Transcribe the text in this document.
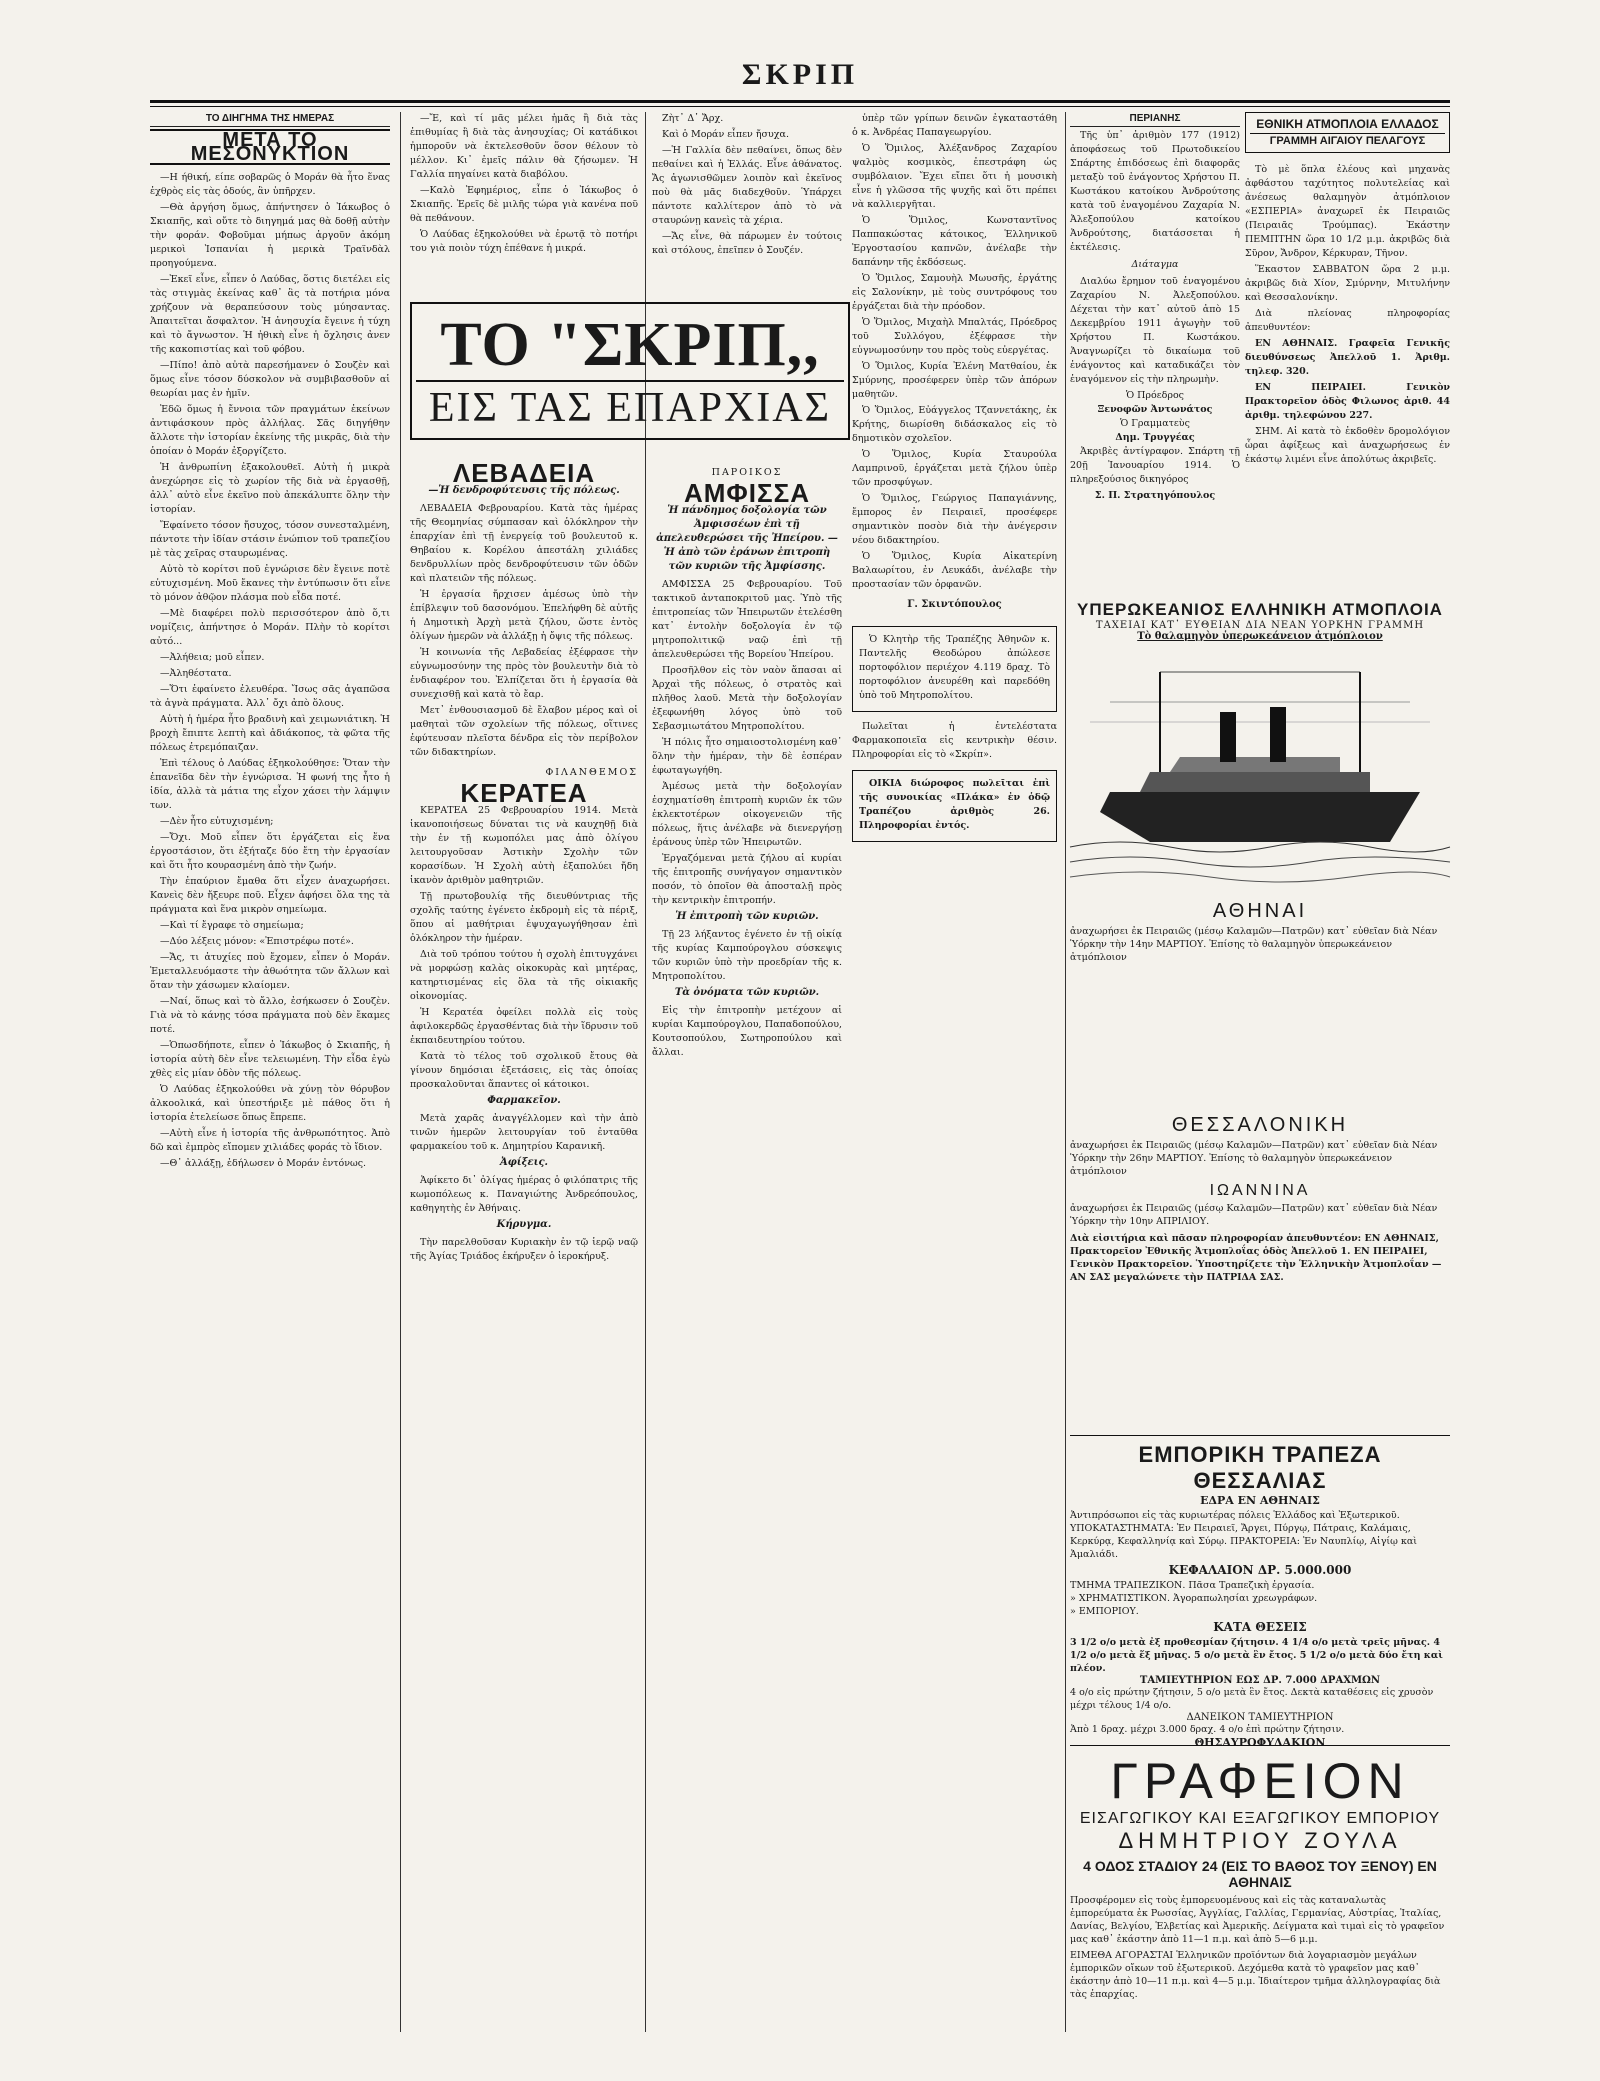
ΣΚΡΙΠ
ΤΟ ΔΙΗΓΗΜΑ ΤΗΣ ΗΜΕΡΑΣ
ΜΕΤΑ ΤΟ ΜΕΣΟΝΥΚΤΙΟΝ

—Η ήθική, είπε σοβαρῶς ὁ Μοράν θὰ ἦτο ἕνας ἐχθρὸς εἰς τὰς ὁδούς, ἂν ὑπῆρχεν.

—Θὰ ἀργήση ὅμως, ἀπήντησεν ὁ Ἰάκωβος ὁ Σκιαπῆς, καὶ οὔτε τὸ διηγημά μας θὰ δοθῇ αὐτὴν τὴν φοράν. Φοβοῦμαι μήπως ἀργοῦν ἀκόμη μερικοὶ Ἰσπανίαι ἡ μερικὰ Τραϊνδὰλ προηγούμενα.

—Ἐκεῖ εἶνε, εἶπεν ὁ Λαύδας, ὅστις διετέλει εἰς τὰς στιγμὰς ἐκείνας καθ᾽ ἃς τὰ ποτήρια μόνα χρήζουν νὰ θεραπεύσουν τοὺς μύησαντας. Ἀπαιτεῖται ἄσφαλτον. Ἡ ἀνησυχία ἔγεινε ἡ τύχη καὶ τὸ ἄγνωστον. Ἡ ἠθικὴ εἶνε ἡ ὄχλησις ἀνεν τῆς κακοπιστίας καὶ τοῦ φόβου.

—Πίπο! ἀπὸ αὐτὰ παρεσήμανεν ὁ Σουζὲν καὶ ὅμως εἶνε τόσον δύσκολον νὰ συμβιβασθοῦν αἱ θεωρίαι μας ἐν ἡμῖν.

Ἐδῶ ὅμως ἡ ἔννοια τῶν πραγμάτων ἐκείνων ἀντιφάσκουν πρὸς ἀλλήλας. Σᾶς διηγήθην ἄλλοτε τὴν ἱστορίαν ἐκείνης τῆς μικρᾶς, διὰ τὴν ὁποίαν ὁ Μοράν ἐξοργίζετο.

Ἡ ἀνθρωπίνη ἐξακολουθεῖ. Αὐτὴ ἡ μικρὰ ἀνεχώρησε εἰς τὸ χωρίον τῆς διὰ νὰ ἐργασθῇ, ἀλλ᾽ αὐτὸ εἶνε ἐκεῖνο ποὺ ἀπεκάλυπτε ὅλην τὴν ἱστορίαν.

Ἔφαίνετο τόσον ἤσυχος, τόσον συνεσταλμένη, πάντοτε τὴν ἰδίαν στάσιν ἐνώπιον τοῦ τραπεζίου μὲ τὰς χεῖρας σταυρωμένας.

Αὐτὸ τὸ κορίτσι ποῦ ἐγνώρισε δὲν ἔγεινε ποτὲ εὐτυχισμένη. Μοῦ ἔκανες τὴν ἐντύπωσιν ὅτι εἶνε τὸ μόνον ἀθῷον πλάσμα ποὺ εἶδα ποτέ.

—Μὲ διαφέρει πολὺ περισσότερον ἀπὸ ὅ,τι νομίζεις, ἀπήντησε ὁ Μοράν. Πλὴν τὸ κορίτσι αὐτό...

—Ἀλήθεια; μοῦ εἶπεν.

—Ἀληθέστατα.

—Ὅτι ἐφαίνετο ἐλευθέρα. Ἴσως σᾶς ἀγαπῶσα τὰ ἀγνὰ πράγματα. Ἀλλ᾽ ὄχι ἀπὸ ὅλους.

Αὐτὴ ἡ ἡμέρα ἦτο βραδινὴ καὶ χειμωνιάτικη. Ἡ βροχὴ ἔπιπτε λεπτὴ καὶ ἀδιάκοπος, τὰ φῶτα τῆς πόλεως ἐτρεμόπαιζαν.

Ἐπὶ τέλους ὁ Λαύδας ἐξηκολούθησε: Ὅταν τὴν ἐπανεῖδα δὲν τὴν ἐγνώρισα. Ἡ φωνή της ἦτο ἡ ἰδία, ἀλλὰ τὰ μάτια της εἶχον χάσει τὴν λάμψιν των.

—Δὲν ἦτο εὐτυχισμένη;

—Ὄχι. Μοῦ εἶπεν ὅτι ἐργάζεται εἰς ἕνα ἐργοστάσιον, ὅτι ἐξήταζε δύο ἔτη τὴν ἐργασίαν καὶ ὅτι ἦτο κουρασμένη ἀπὸ τὴν ζωήν.

Τὴν ἐπαύριον ἔμαθα ὅτι εἶχεν ἀναχωρήσει. Κανεὶς δὲν ἤξευρε ποῦ. Εἶχεν ἀφήσει ὅλα της τὰ πράγματα καὶ ἕνα μικρὸν σημείωμα.

—Καὶ τί ἔγραφε τὸ σημείωμα;

—Δύο λέξεις μόνον: «Ἐπιστρέφω ποτέ».

—Ἄς, τι ἀτυχίες ποὺ ἔχομεν, εἶπεν ὁ Μοράν. Ἐμεταλλευόμαστε τὴν ἀθωότητα τῶν ἄλλων καὶ ὅταν τὴν χάσωμεν κλαίομεν.

—Ναί, ὅπως καὶ τὸ ἄλλο, ἐσήκωσεν ὁ Σουζὲν. Γιὰ νὰ τὸ κάνῃς τόσα πράγματα ποὺ δὲν ἔκαμες ποτέ.

—Ὁπωσδήποτε, εἶπεν ὁ Ἰάκωβος ὁ Σκιαπῆς, ἡ ἱστορία αὐτὴ δὲν εἶνε τελειωμένη. Τὴν εἶδα ἐγὼ χθὲς εἰς μίαν ὁδὸν τῆς πόλεως.

Ὁ Λαύδας ἐξηκολούθει νὰ χύνῃ τὸν θόρυβον ἀλκοολικά, καὶ ὑπεστήριξε μὲ πάθος ὅτι ἡ ἱστορία ἐτελείωσε ὅπως ἔπρεπε.

—Αὐτὴ εἶνε ἡ ἱστορία τῆς ἀνθρωπότητος. Ἀπὸ δῶ καὶ ἐμπρὸς εἴπομεν χιλιάδες φοράς τὸ ἴδιον.

—Θ᾽ ἀλλάξῃ, ἐδήλωσεν ὁ Μοράν ἐντόνως.

—Ἔ, καὶ τί μᾶς μέλει ἡμᾶς ἢ διὰ τὰς ἐπιθυμίας ἢ διὰ τὰς ἀνησυχίας; Οἱ κατάδικοι ἠμποροῦν νὰ ἐκτελεσθοῦν ὅσον θέλουν τὸ μέλλον. Κι᾽ ἐμεῖς πάλιν θὰ ζήσωμεν. Ἡ Γαλλία πηγαίνει κατὰ διαβόλου.

—Καλὸ Ἐφημέριος, εἶπε ὁ Ἰάκωβος ὁ Σκιαπῆς. Ἐρεῖς δὲ μιλῆς τώρα γιὰ κανένα ποῦ θὰ πεθάνουν.

Ὁ Λαύδας ἐξηκολούθει νὰ ἐρωτᾷ τὸ ποτήρι του γιὰ ποιὸν τύχη ἐπέθανε ἡ μικρά.

Ζὴτ᾽ Δ᾽ Ἄρχ.

Καὶ ὁ Μοράν εἶπεν ἤσυχα.

—Ἡ Γαλλία δὲν πεθαίνει, ὅπως δὲν πεθαίνει καὶ ἡ Ἑλλάς. Εἶνε ἀθάνατος. Ἄς ἀγωνισθῶμεν λοιπὸν καὶ ἐκεῖνος ποὺ θὰ μᾶς διαδεχθοῦν. Ὑπάρχει πάντοτε καλλίτερον ἀπὸ τὸ νὰ σταυρώνῃ κανεὶς τὰ χέρια.

—Ἄς εἶνε, θὰ πάρωμεν ἐν τούτοις καὶ στόλους, ἐπεῖπεν ὁ Σουζέν.

ΤΟ "ΣΚΡΙΠ,,
ΕΙΣ ΤΑΣ ΕΠΑΡΧΙΑΣ
ΛΕΒΑΔΕΙΑ
—Ἡ δενδροφύτευσις τῆς πόλεως.

ΛΕΒΑΔΕΙΑ Φεβρουαρίου. Κατὰ τὰς ἡμέρας τῆς Θεομηνίας σύμπασαν καὶ ὁλόκληρον τὴν ἐπαρχίαν ἐπὶ τῇ ἐνεργείᾳ τοῦ βουλευτοῦ κ. Θηβαίου κ. Κορέλου ἀπεστάλη χιλιάδες δενδρυλλίων πρὸς δενδροφύτευσιν τῶν ὁδῶν καὶ πλατειῶν τῆς πόλεως.

Ἡ ἐργασία ἤρχισεν ἀμέσως ὑπὸ τὴν ἐπίβλεψιν τοῦ δασονόμου. Ἐπελήφθη δὲ αὐτῆς ἡ Δημοτικὴ Ἀρχὴ μετὰ ζήλου, ὥστε ἐντὸς ὀλίγων ἡμερῶν νὰ ἀλλάξῃ ἡ ὄψις τῆς πόλεως.

Ἡ κοινωνία τῆς Λεβαδείας ἐξέφρασε τὴν εὐγνωμοσύνην της πρὸς τὸν βουλευτὴν διὰ τὸ ἐνδιαφέρον του. Ἐλπίζεται ὅτι ἡ ἐργασία θὰ συνεχισθῇ καὶ κατὰ τὸ ἔαρ.

Μετ᾽ ἐνθουσιασμοῦ δὲ ἔλαβον μέρος καὶ οἱ μαθηταὶ τῶν σχολείων τῆς πόλεως, οἵτινες ἐφύτευσαν πλεῖστα δένδρα εἰς τὸν περίβολον τῶν διδακτηρίων.

ΦΙΛΑΝΘΕΜΟΣ
ΚΕΡΑΤΕΑ

ΚΕΡΑΤΕΑ 25 Φεβρουαρίου 1914. Μετὰ ἱκανοποιήσεως δύναται τις νὰ καυχηθῇ διὰ τὴν ἐν τῇ κωμοπόλει μας ἀπὸ ὀλίγου λειτουργοῦσαν Ἀστικὴν Σχολὴν τῶν κορασίδων. Ἡ Σχολὴ αὐτὴ ἐξαπολύει ἤδη ἱκανὸν ἀριθμὸν μαθητριῶν.

Τῇ πρωτοβουλίᾳ τῆς διευθύντριας τῆς σχολῆς ταύτης ἐγένετο ἐκδρομὴ εἰς τὰ πέριξ, ὅπου αἱ μαθήτριαι ἐψυχαγωγήθησαν ἐπὶ ὀλόκληρον τὴν ἡμέραν.

Διὰ τοῦ τρόπου τούτου ἡ σχολὴ ἐπιτυγχάνει νὰ μορφώσῃ καλὰς οἰκοκυρὰς καὶ μητέρας, κατηρτισμένας εἰς ὅλα τὰ τῆς οἰκιακῆς οἰκονομίας.

Ἡ Κερατέα ὀφείλει πολλὰ εἰς τοὺς ἀφιλοκερδῶς ἐργασθέντας διὰ τὴν ἵδρυσιν τοῦ ἐκπαιδευτηρίου τούτου.

Κατὰ τὸ τέλος τοῦ σχολικοῦ ἔτους θὰ γίνουν δημόσιαι ἐξετάσεις, εἰς τὰς ὁποίας προσκαλοῦνται ἅπαντες οἱ κάτοικοι.

Φαρμακεῖον.

Μετὰ χαρᾶς ἀναγγέλλομεν καὶ τὴν ἀπὸ τινῶν ἡμερῶν λειτουργίαν τοῦ ἐνταῦθα φαρμακείου τοῦ κ. Δημητρίου Καρανικῆ.

Ἀφίξεις.

Ἀφίκετο δι᾽ ὀλίγας ἡμέρας ὁ φιλόπατρις τῆς κωμοπόλεως κ. Παναγιώτης Ἀνδρεόπουλος, καθηγητὴς ἐν Ἀθήναις.

Κήρυγμα.

Τὴν παρελθοῦσαν Κυριακὴν ἐν τῷ ἱερῷ ναῷ τῆς Ἁγίας Τριάδος ἐκήρυξεν ὁ ἱεροκήρυξ.

ΠΑΡΟΙΚΟΣ
ΑΜΦΙΣΣΑ
Ἡ πάνδημος δοξολογία τῶν Ἀμφισσέων ἐπὶ τῇ ἀπελευθερώσει τῆς Ἠπείρου. — Ἡ ἀπὸ τῶν ἐράνων ἐπιτροπὴ τῶν κυριῶν τῆς Ἀμφίσσης.

ΑΜΦΙΣΣΑ 25 Φεβρουαρίου. Τοῦ τακτικοῦ ἀνταποκριτοῦ μας. Ὑπὸ τῆς ἐπιτροπείας τῶν Ἠπειρωτῶν ἐτελέσθη κατ᾽ ἐντολὴν δοξολογία ἐν τῷ μητροπολιτικῷ ναῷ ἐπὶ τῇ ἀπελευθερώσει τῆς Βορείου Ἠπείρου.

Προσῆλθον εἰς τὸν ναὸν ἅπασαι αἱ Ἀρχαὶ τῆς πόλεως, ὁ στρατὸς καὶ πλῆθος λαοῦ. Μετὰ τὴν δοξολογίαν ἐξεφωνήθη λόγος ὑπὸ τοῦ Σεβασμιωτάτου Μητροπολίτου.

Ἡ πόλις ἦτο σημαιοστολισμένη καθ᾽ ὅλην τὴν ἡμέραν, τὴν δὲ ἑσπέραν ἐφωταγωγήθη.

Ἀμέσως μετὰ τὴν δοξολογίαν ἐσχηματίσθη ἐπιτροπὴ κυριῶν ἐκ τῶν ἐκλεκτοτέρων οἰκογενειῶν τῆς πόλεως, ἥτις ἀνέλαβε νὰ διενεργήσῃ ἐράνους ὑπὲρ τῶν Ἠπειρωτῶν.

Ἐργαζόμεναι μετὰ ζήλου αἱ κυρίαι τῆς ἐπιτροπῆς συνήγαγον σημαντικὸν ποσόν, τὸ ὁποῖον θὰ ἀποσταλῇ πρὸς τὴν κεντρικὴν ἐπιτροπήν.

Ἡ ἐπιτροπὴ τῶν κυριῶν.

Τῇ 23 λήξαντος ἐγένετο ἐν τῇ οἰκίᾳ τῆς κυρίας Καμπούρογλου σύσκεψις τῶν κυριῶν ὑπὸ τὴν προεδρίαν τῆς κ. Μητροπολίτου.

Τὰ ὀνόματα τῶν κυριῶν.

Εἰς τὴν ἐπιτροπὴν μετέχουν αἱ κυρίαι Καμπούρογλου, Παπαδοπούλου, Κουτσοπούλου, Σωτηροπούλου καὶ ἄλλαι.

ὑπὲρ τῶν γρίπων δεινῶν ἐγκαταστάθη ὁ κ. Ἀνδρέας Παπαγεωργίου.

Ὁ Ὅμιλος, Ἀλέξανδρος Ζαχαρίου ψαλμὸς κοσμικὸς, ἐπεστράφη ὡς συμβόλαιον. Ἔχει εἴπει ὅτι ἡ μουσικὴ εἶνε ἡ γλῶσσα τῆς ψυχῆς καὶ ὅτι πρέπει νὰ καλλιεργῆται.

Ὁ Ὅμιλος, Κωνσταντῖνος Παππακώστας κάτοικος, Ἑλληνικοῦ Ἐργοστασίου καπνῶν, ἀνέλαβε τὴν δαπάνην τῆς ἐκδόσεως.

Ὁ Ὅμιλος, Σαμουὴλ Μωυσῆς, ἐργάτης εἰς Σαλονίκην, μὲ τοὺς συντρόφους του ἐργάζεται διὰ τὴν πρόοδον.

Ὁ Ὅμιλος, Μιχαὴλ Μπαλτάς, Πρόεδρος τοῦ Συλλόγου, ἐξέφρασε τὴν εὐγνωμοσύνην του πρὸς τοὺς εὐεργέτας.

Ὁ Ὅμιλος, Κυρία Ἐλένη Ματθαίου, ἐκ Σμύρνης, προσέφερεν ὑπὲρ τῶν ἀπόρων μαθητῶν.

Ὁ Ὅμιλος, Εὐάγγελος Τζαννετάκης, ἐκ Κρήτης, διωρίσθη διδάσκαλος εἰς τὸ δημοτικὸν σχολεῖον.

Ὁ Ὅμιλος, Κυρία Σταυρούλα Λαμπρινοῦ, ἐργάζεται μετὰ ζήλου ὑπὲρ τῶν προσφύγων.

Ὁ Ὅμιλος, Γεώργιος Παπαγιάννης, ἔμπορος ἐν Πειραιεῖ, προσέφερε σημαντικὸν ποσὸν διὰ τὴν ἀνέγερσιν νέου διδακτηρίου.

Ὁ Ὅμιλος, Κυρία Αἰκατερίνη Βαλαωρίτου, ἐν Λευκάδι, ἀνέλαβε τὴν προστασίαν τῶν ὀρφανῶν.

Γ. Σκιντόπουλος

Ὁ Κλητὴρ τῆς Τραπέζης Ἀθηνῶν κ. Παντελῆς Θεοδώρου ἀπώλεσε πορτοφόλιον περιέχον 4.119 δραχ. Τὸ πορτοφόλιον ἀνευρέθη καὶ παρεδόθη ὑπὸ τοῦ Μητροπολίτου.

Πωλεῖται ἡ ἐντελέστατα Φαρμακοποιεῖα εἰς κεντρικὴν θέσιν. Πληροφορίαι εἰς τὸ «Σκρίπ».

ΟΙΚΙΑ διώροφος πωλεῖται ἐπὶ τῆς συνοικίας «Πλάκα» ἐν ὁδῷ Τραπέζου ἀριθμὸς 26. Πληροφορίαι ἐντός.

ΠΕΡΙΑΝΗΣ

Τῆς ὑπ᾽ ἀριθμὸν 177 (1912) ἀποφάσεως τοῦ Πρωτοδικείου Σπάρτης ἐπιδόσεως ἐπὶ διαφορᾶς μεταξὺ τοῦ ἐνάγοντος Χρήστου Π. Κωστάκου κατοίκου Ἀνδρούτσης κατὰ τοῦ ἐναγομένου Ζαχαρία Ν. Ἀλεξοπούλου κατοίκου Ἀνδρούτσης, διατάσσεται ἡ ἐκτέλεσις.

Διάταγμα

Διαλύω ἔρημον τοῦ ἐναγομένου Ζαχαρίου Ν. Ἀλεξοπούλου. Δέχεται τὴν κατ᾽ αὐτοῦ ἀπὸ 15 Δεκεμβρίου 1911 ἀγωγὴν τοῦ Χρήστου Π. Κωστάκου. Ἀναγνωρίζει τὸ δικαίωμα τοῦ ἐνάγοντος καὶ καταδικάζει τὸν ἐναγόμενον εἰς τὴν πληρωμὴν.

Ὁ Πρόεδρος
Ξενοφῶν Ἀντωνάτος
Ὁ Γραμματεὺς
Δημ. Τρυγγέας

Ἀκριβὲς ἀντίγραφον. Σπάρτη τῇ 20ῇ Ἰανουαρίου 1914. Ὁ πληρεξούσιος δικηγόρος

Σ. Π. Στρατηγόπουλος
ΕΘΝΙΚΗ ΑΤΜΟΠΛΟΙΑ ΕΛΛΑΔΟΣ
ΓΡΑΜΜΗ ΑΙΓΑΙΟΥ ΠΕΛΑΓΟΥΣ

Τὸ μὲ ὅπλα ἐλέους καὶ μηχανὰς ἀφθάστου ταχύτητος πολυτελείας καὶ ἀνέσεως θαλαμηγὸν ἀτμόπλοιον «ΕΣΠΕΡΙΑ» ἀναχωρεῖ ἐκ Πειραιῶς (Πειραιᾶς Τρούμπας). Ἐκάστην ΠΕΜΠΤΗΝ ὥρα 10 1/2 μ.μ. ἀκριβῶς διὰ Σῦρον, Ἄνδρον, Κέρκυραν, Τῆνον.

Ἕκαστον ΣΑΒΒΑΤΟΝ ὥρα 2 μ.μ. ἀκριβῶς διὰ Χίον, Σμύρνην, Μιτυλήνην καὶ Θεσσαλονίκην.

Διὰ πλείονας πληροφορίας ἀπευθυντέον:

ΕΝ ΑΘΗΝΑΙΣ. Γραφεῖα Γενικῆς διευθύνσεως Ἀπελλοῦ 1. Ἀριθμ. τηλεφ. 320.

ΕΝ ΠΕΙΡΑΙΕΙ. Γενικὸν Πρακτορεῖον ὁδὸς Φιλωνος ἀριθ. 44 ἀριθμ. τηλεφώνου 227.

ΣΗΜ. Αἱ κατὰ τὸ ἐκδοθὲν δρομολόγιον ὧραι ἀφίξεως καὶ ἀναχωρήσεως ἐν ἑκάστῳ λιμένι εἶνε ἀπολύτως ἀκριβεῖς.

ΥΠΕΡΩΚΕΑΝΙΟΣ ΕΛΛΗΝΙΚΗ ΑΤΜΟΠΛΟΙΑ
ΤΑΧΕΙΑΙ ΚΑΤ᾽ ΕΥΘΕΙΑΝ ΔΙΑ ΝΕΑΝ ΥΟΡΚΗΝ ΓΡΑΜΜΗ
Τὸ θαλαμηγὸν ὑπερωκεάνειον ἀτμόπλοιον
ΑΘΗΝΑΙ
ἀναχωρήσει ἐκ Πειραιῶς (μέσῳ Καλαμῶν—Πατρῶν) κατ᾽ εὐθεῖαν διὰ Νέαν Ὑόρκην τὴν 14ην ΜΑΡΤΙΟΥ. Ἐπίσης τὸ θαλαμηγὸν ὑπερωκεάνειον ἀτμόπλοιον
ΘΕΣΣΑΛΟΝΙΚΗ
ἀναχωρήσει ἐκ Πειραιῶς (μέσῳ Καλαμῶν—Πατρῶν) κατ᾽ εὐθεῖαν διὰ Νέαν Ὑόρκην τὴν 26ην ΜΑΡΤΙΟΥ. Ἐπίσης τὸ θαλαμηγὸν ὑπερωκεάνειον ἀτμόπλοιον
ΙΩΑΝΝΙΝΑ
ἀναχωρήσει ἐκ Πειραιῶς (μέσῳ Καλαμῶν—Πατρῶν) κατ᾽ εὐθεῖαν διὰ Νέαν Ὑόρκην τὴν 10ην ΑΠΡΙΛΙΟΥ.
Διὰ εἰσιτήρια καὶ πᾶσαν πληροφορίαν ἀπευθυντέον: ΕΝ ΑΘΗΝΑΙΣ, Πρακτορεῖον Ἐθνικῆς Ἀτμοπλοΐας ὁδὸς Ἀπελλοῦ 1. ΕΝ ΠΕΙΡΑΙΕΙ, Γενικὸν Πρακτορεῖον. Ὑποστηρίζετε τὴν Ἑλληνικὴν Ἀτμοπλοΐαν — ΑΝ ΣΑΣ μεγαλώνετε τὴν ΠΑΤΡΙΔΑ ΣΑΣ.
ΕΜΠΟΡΙΚΗ ΤΡΑΠΕΖΑ ΘΕΣΣΑΛΙΑΣ
ΕΔΡΑ ΕΝ ΑΘΗΝΑΙΣ
Ἀντιπρόσωποι εἰς τὰς κυριωτέρας πόλεις Ἑλλάδος καὶ Ἐξωτερικοῦ. ΥΠΟΚΑΤΑΣΤΗΜΑΤΑ: Ἐν Πειραιεῖ, Ἄργει, Πύργῳ, Πάτραις, Καλάμαις, Κερκύρᾳ, Κεφαλληνίᾳ καὶ Σύρῳ. ΠΡΑΚΤΟΡΕΙΑ: Ἐν Ναυπλίῳ, Αἰγίῳ καὶ Ἀμαλιάδι.
ΚΕΦΑΛΑΙΟΝ ΔΡ. 5.000.000
ΤΜΗΜΑ ΤΡΑΠΕΖΙΚΟΝ. Πᾶσα Τραπεζικὴ ἐργασία.
» ΧΡΗΜΑΤΙΣΤΙΚΟΝ. Ἀγοραπωλησίαι χρεωγράφων.
» ΕΜΠΟΡΙΟΥ.
ΚΑΤΑ ΘΕΣΕΙΣ
3 1/2 ο/ο μετὰ ἐξ προθεσμίαν ζήτησιν. 4 1/4 ο/ο μετὰ τρεῖς μῆνας. 4 1/2 ο/ο μετὰ ἕξ μῆνας. 5 ο/ο μετὰ ἓν ἔτος. 5 1/2 ο/ο μετὰ δύο ἔτη καὶ πλέον.
ΤΑΜΙΕΥΤΗΡΙΟΝ ΕΩΣ ΔΡ. 7.000 ΔΡΑΧΜΩΝ
4 ο/ο εἰς πρώτην ζήτησιν, 5 ο/ο μετὰ ἓν ἔτος. Δεκτὰ καταθέσεις εἰς χρυσὸν μέχρι τέλους 1/4 ο/ο.
ΔΑΝΕΙΚΟΝ ΤΑΜΙΕΥΤΗΡΙΟΝ
Ἀπὸ 1 δραχ. μέχρι 3.000 δραχ. 4 ο/ο ἐπὶ πρώτην ζήτησιν.
ΘΗΣΑΥΡΟΦΥΛΑΚΙΟΝ
ΓΡΑΦΕΙΟΝ
ΕΙΣΑΓΩΓΙΚΟΥ ΚΑΙ ΕΞΑΓΩΓΙΚΟΥ ΕΜΠΟΡΙΟΥ
ΔΗΜΗΤΡΙΟΥ ΖΟΥΛΑ
4 ΟΔΟΣ ΣΤΑΔΙΟΥ 24 (ΕΙΣ ΤΟ ΒΑΘΟΣ ΤΟΥ ΞΕΝΟΥ) ΕΝ ΑΘΗΝΑΙΣ
Προσφέρομεν εἰς τοὺς ἐμπορευομένους καὶ εἰς τὰς καταναλωτὰς ἐμπορεύματα ἐκ Ρωσσίας, Ἀγγλίας, Γαλλίας, Γερμανίας, Αὐστρίας, Ἰταλίας, Δανίας, Βελγίου, Ἑλβετίας καὶ Ἀμερικῆς. Δείγματα καὶ τιμαὶ εἰς τὸ γραφεῖον μας καθ᾽ ἑκάστην ἀπὸ 11—1 π.μ. καὶ ἀπὸ 5—6 μ.μ.
ΕΙΜΕΘΑ ΑΓΟΡΑΣΤΑΙ Ἑλληνικῶν προϊόντων διὰ λογαριασμὸν μεγάλων ἐμπορικῶν οἴκων τοῦ ἐξωτερικοῦ. Δεχόμεθα κατὰ τὸ γραφεῖον μας καθ᾽ ἑκάστην ἀπὸ 10—11 π.μ. καὶ 4—5 μ.μ. Ἰδιαίτερον τμῆμα ἀλληλογραφίας διὰ τὰς ἐπαρχίας.
